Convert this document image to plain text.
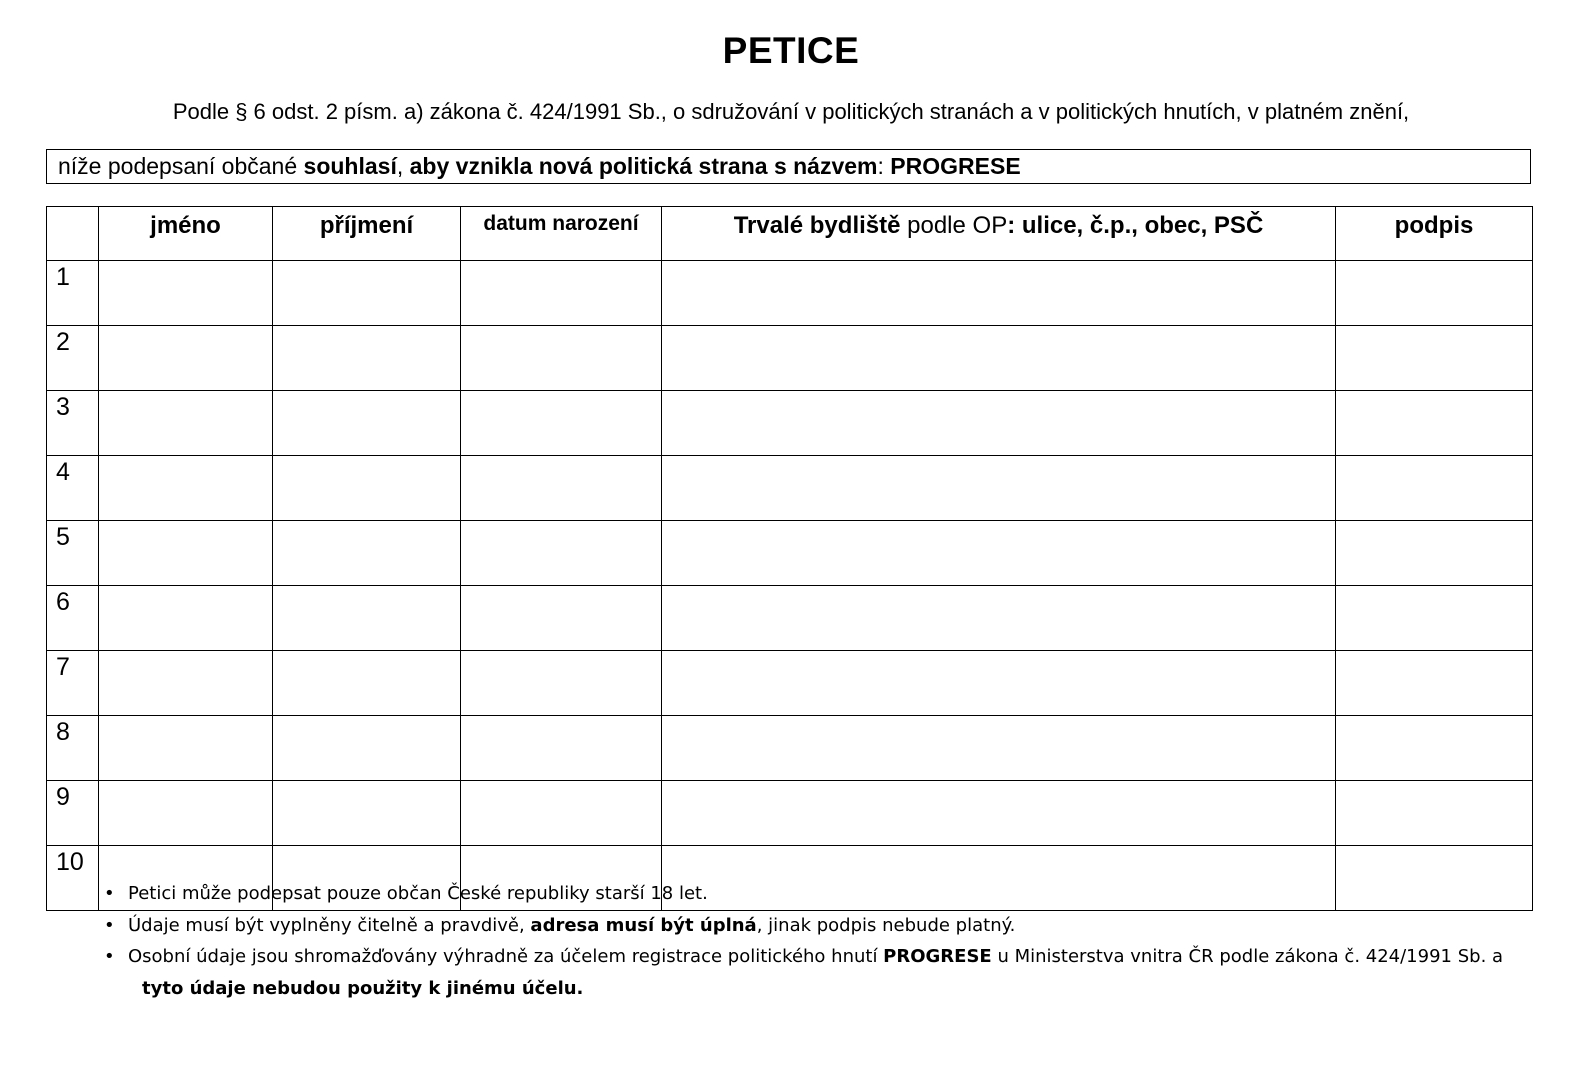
PETICE
Podle § 6 odst. 2 písm. a) zákona č. 424/1991 Sb., o sdružování v politických stranách a v politických hnutích, v platném znění,
níže podepsaní občané souhlasí, aby vznikla nová politická strana s názvem: PROGRESE
	jméno	příjmení	datum narození	Trvalé bydliště podle OP: ulice, č.p., obec, PSČ	podpis
1					
2					
3					
4					
5					
6					
7					
8					
9					
10					
• Petici může podepsat pouze občan České republiky starší 18 let.
• Údaje musí být vyplněny čitelně a pravdivě, adresa musí být úplná, jinak podpis nebude platný.
• Osobní údaje jsou shromažďovány výhradně za účelem registrace politického hnutí PROGRESE u Ministerstva vnitra ČR podle zákona č. 424/1991 Sb. a
tyto údaje nebudou použity k jinému účelu.
